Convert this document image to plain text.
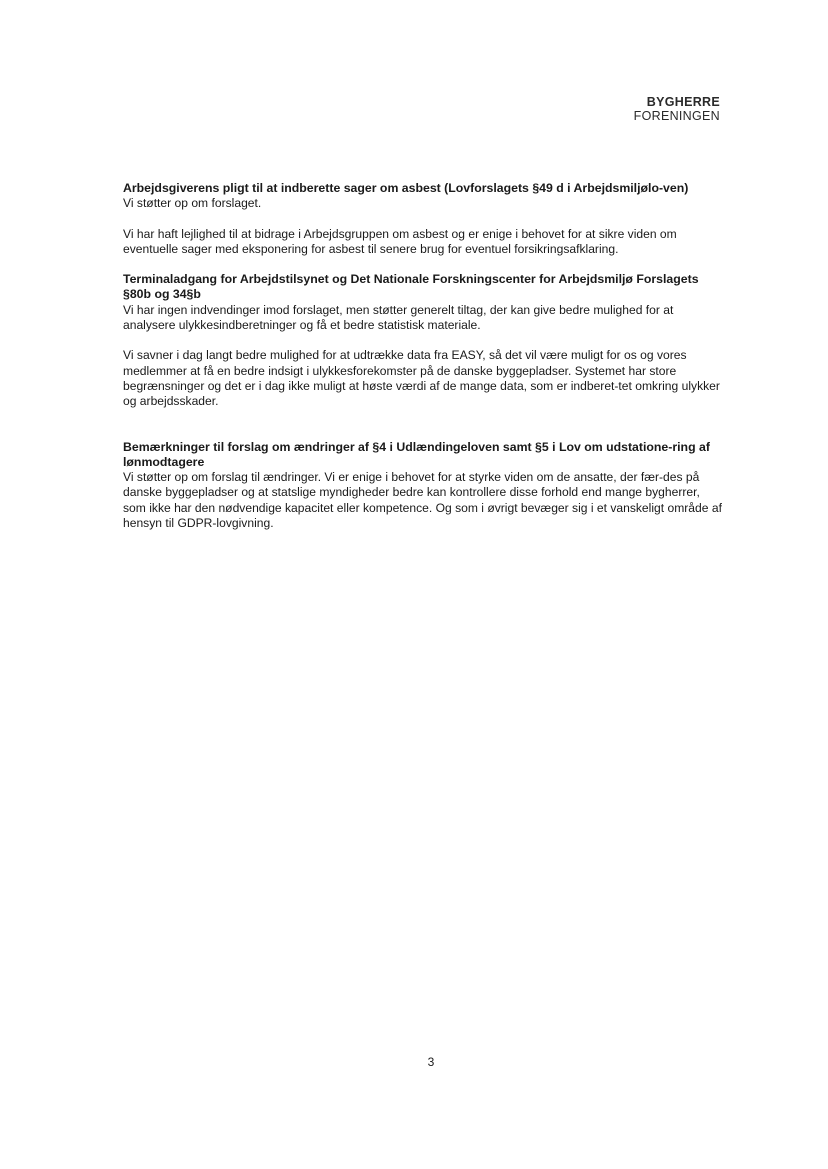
BYGHERRE
FORENINGEN

Arbejdsgiverens pligt til at indberette sager om asbest (Lovforslagets §49 d i Arbejdsmiljølo-ven)

Vi støtter op om forslaget.

Vi har haft lejlighed til at bidrage i Arbejdsgruppen om asbest og er enige i behovet for at sikre viden om eventuelle sager med eksponering for asbest til senere brug for eventuel forsikringsafklaring.

Terminaladgang for Arbejdstilsynet og Det Nationale Forskningscenter for Arbejdsmiljø Forslagets §80b og 34§b

Vi har ingen indvendinger imod forslaget, men støtter generelt tiltag, der kan give bedre mulighed for at analysere ulykkesindberetninger og få et bedre statistisk materiale.

Vi savner i dag langt bedre mulighed for at udtrække data fra EASY, så det vil være muligt for os og vores medlemmer at få en bedre indsigt i ulykkesforekomster på de danske byggepladser. Systemet har store begrænsninger og det er i dag ikke muligt at høste værdi af de mange data, som er indberet-tet omkring ulykker og arbejdsskader.

Bemærkninger til forslag om ændringer af §4 i Udlændingeloven samt §5 i Lov om udstatione-ring af lønmodtagere

Vi støtter op om forslag til ændringer. Vi er enige i behovet for at styrke viden om de ansatte, der fær-des på danske byggepladser og at statslige myndigheder bedre kan kontrollere disse forhold end mange bygherrer, som ikke har den nødvendige kapacitet eller kompetence. Og som i øvrigt bevæger sig i et vanskeligt område af hensyn til GDPR-lovgivning.

3
